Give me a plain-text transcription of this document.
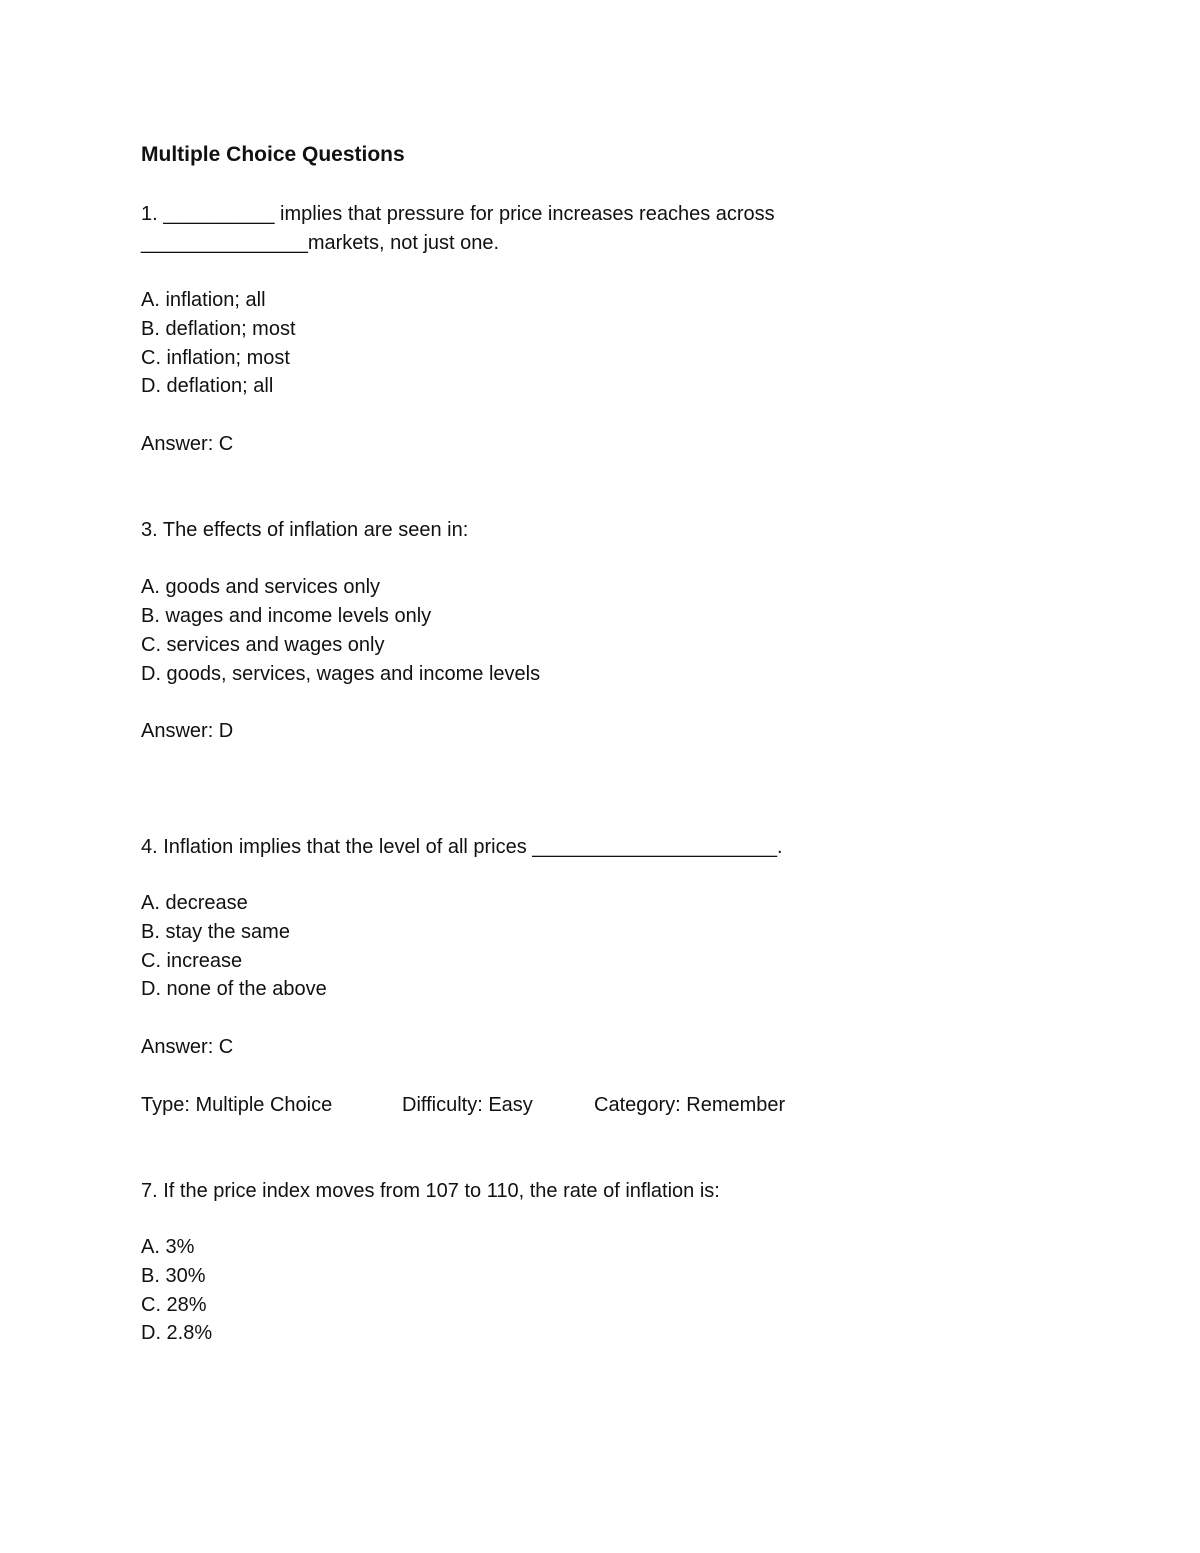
Multiple Choice Questions
1. __________ implies that pressure for price increases reaches across
_______________markets, not just one.
A. inflation; all
B. deflation; most
C. inflation; most
D. deflation; all
Answer: C
3. The effects of inflation are seen in:
A. goods and services only
B. wages and income levels only
C. services and wages only
D. goods, services, wages and income levels
Answer: D
4. Inflation implies that the level of all prices ______________________.
A. decrease
B. stay the same
C. increase
D. none of the above
Answer: C
Type: Multiple Choice	Difficulty: Easy	Category: Remember
7. If the price index moves from 107 to 110, the rate of inflation is:
A. 3%
B. 30%
C. 28%
D. 2.8%
